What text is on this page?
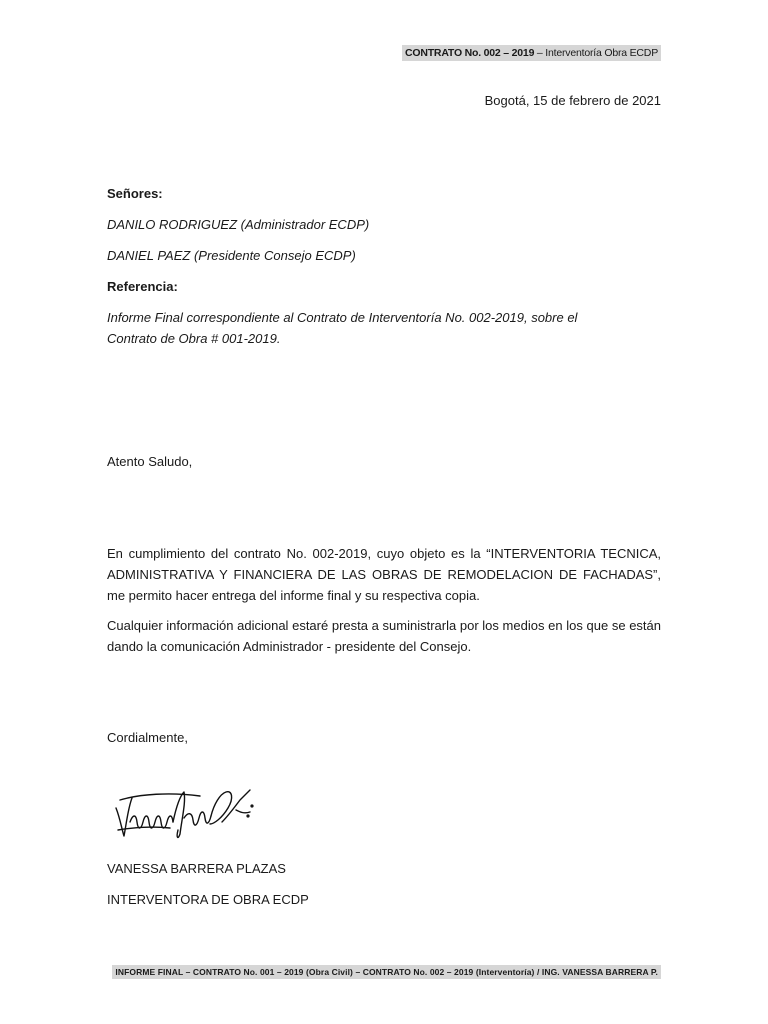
CONTRATO No. 002 – 2019 – Interventoría Obra ECDP
Bogotá, 15 de febrero de 2021
Señores:
DANILO RODRIGUEZ (Administrador ECDP)
DANIEL PAEZ (Presidente Consejo ECDP)
Referencia:
Informe Final correspondiente al Contrato de Interventoría No. 002-2019, sobre el Contrato de Obra # 001-2019.
Atento Saludo,
En cumplimiento del contrato No. 002-2019, cuyo objeto es la “INTERVENTORIA TECNICA, ADMINISTRATIVA Y FINANCIERA DE LAS OBRAS DE REMODELACION DE FACHADAS”, me permito hacer entrega del informe final y su respectiva copia.
Cualquier información adicional estaré presta a suministrarla por los medios en los que se están dando la comunicación Administrador - presidente del Consejo.
Cordialmente,
VANESSA BARRERA PLAZAS
INTERVENTORA DE OBRA ECDP
INFORME FINAL – CONTRATO No. 001 – 2019 (Obra Civil) – CONTRATO No. 002 – 2019 (Interventoría) / ING. VANESSA BARRERA P.
